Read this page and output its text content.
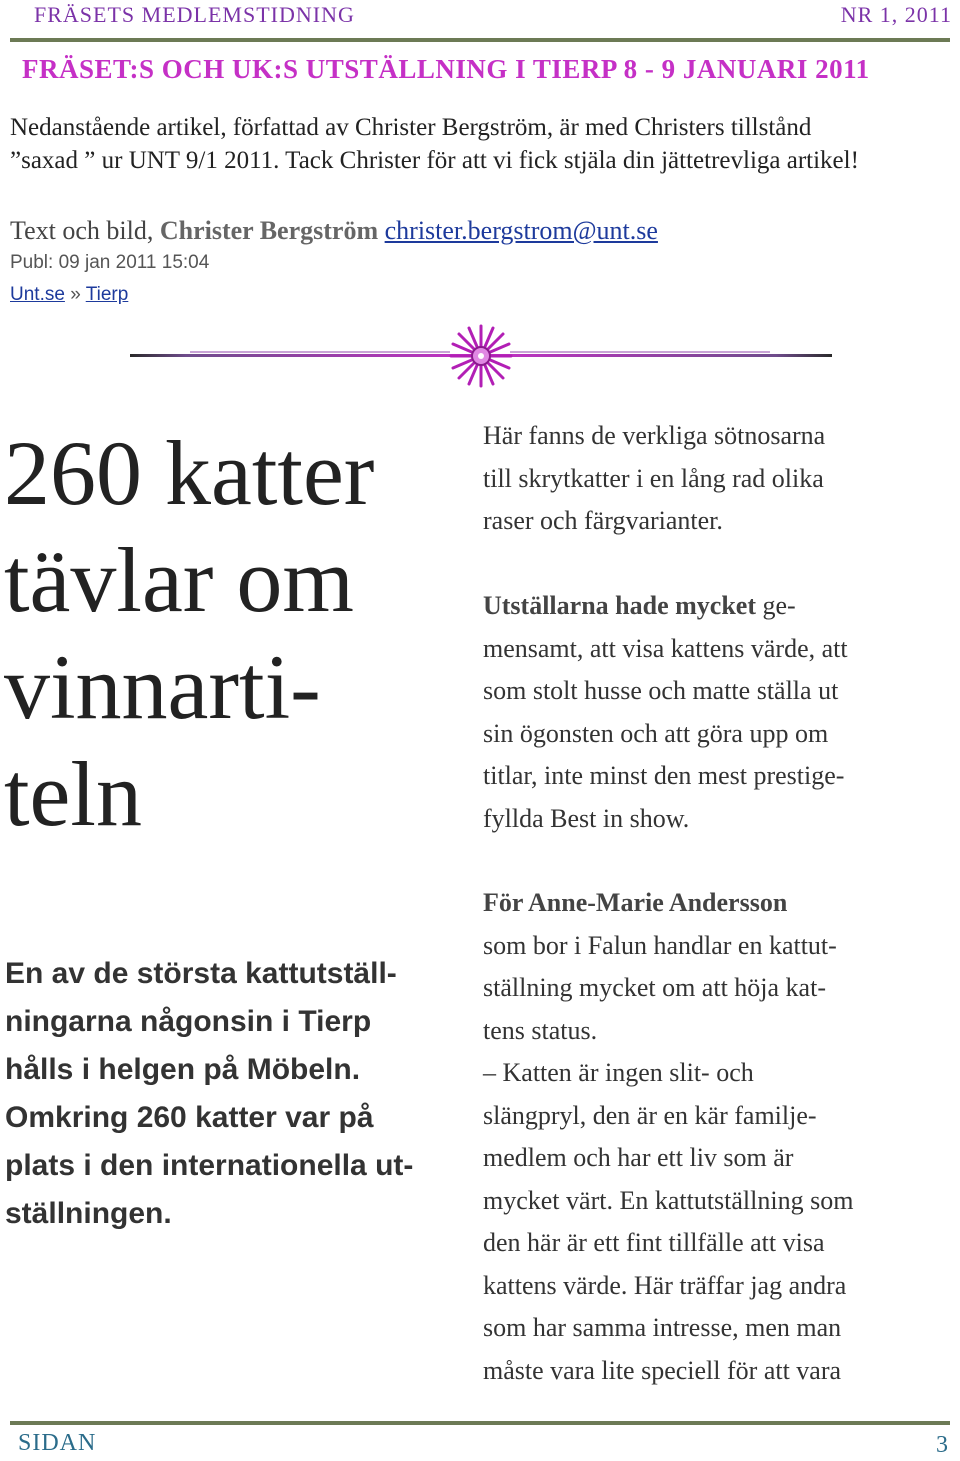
FRÄSETS MEDLEMSTIDNING	NR 1, 2011
FRÄSET:S OCH UK:S UTSTÄLLNING I TIERP 8 - 9 JANUARI 2011

Nedanstående artikel, författad av Christer Bergström, är med Christers tillstånd

”saxad ” ur UNT 9/1 2011. Tack Christer för att vi fick stjäla din jättetrevliga artikel!

Text och bild, Christer Bergström christer.bergstrom@unt.se
Publ: 09 jan 2011 15:04
Unt.se » Tierp
260 katter
tävlar om
vinnarti-
teln
En av de största kattutställ-
ningarna någonsin i Tierp
hålls i helgen på Möbeln.
Omkring 260 katter var på
plats i den internationella ut-
ställningen.
Här fanns de verkliga sötnosarna
till skrytkatter i en lång rad olika
raser och färgvarianter.
Utställarna hade mycket ge-
mensamt, att visa kattens värde, att
som stolt husse och matte ställa ut
sin ögonsten och att göra upp om
titlar, inte minst den mest prestige-
fyllda Best in show.
För Anne-Marie Andersson
som bor i Falun handlar en kattut-
ställning mycket om att höja kat-
tens status.
– Katten är ingen slit- och
slängpryl, den är en kär familje-
medlem och har ett liv som är
mycket värt. En kattutställning som
den här är ett fint tillfälle att visa
kattens värde. Här träffar jag andra
som har samma intresse, men man
måste vara lite speciell för att vara
SIDAN	3
